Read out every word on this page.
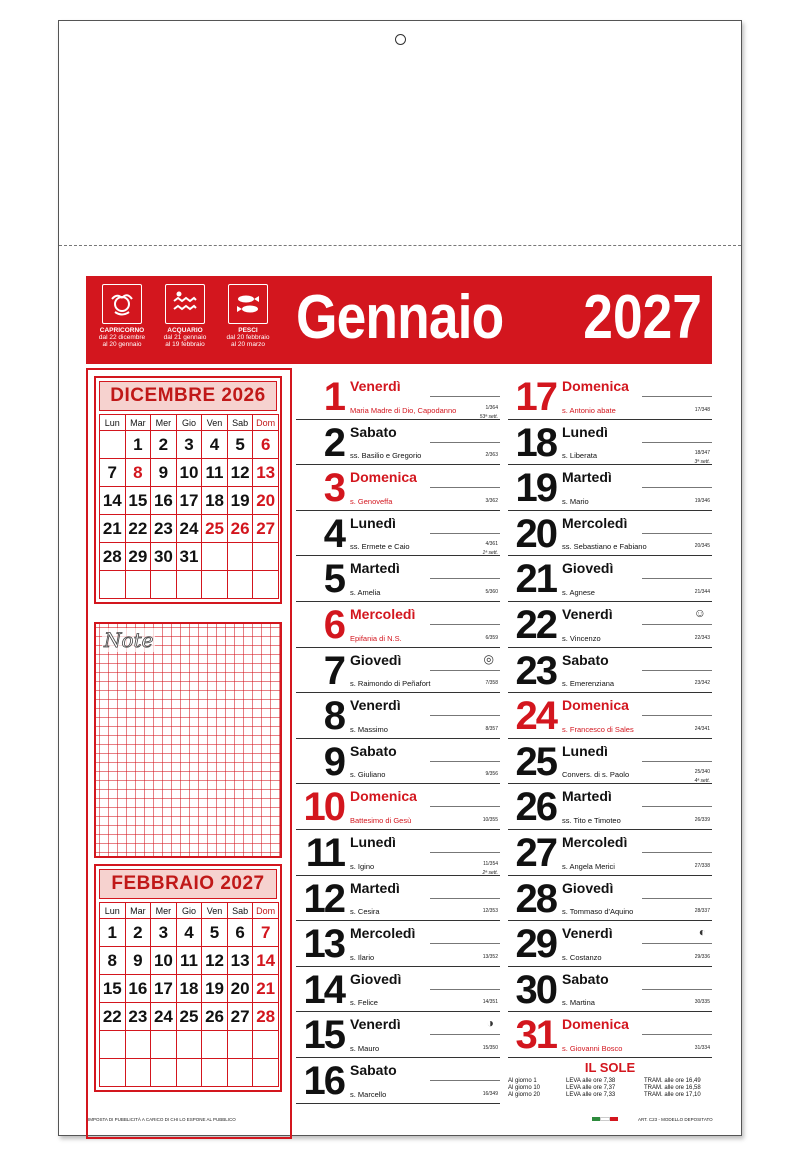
CAPRICORNO
dal 22 dicembre
al 20 gennaio
ACQUARIO
dal 21 gennaio
al 19 febbraio
PESCI
dal 20 febbraio
al 20 marzo Gennaio 2027
DICEMBRE 2026
Lun	Mar	Mer	Gio	Ven	Sab	Dom
	1	2	3	4	5	6
7	8	9	10	11	12	13
14	15	16	17	18	19	20
21	22	23	24	25	26	27
28	29	30	31			

Note
FEBBRAIO 2027
Lun	Mar	Mer	Gio	Ven	Sab	Dom
1	2	3	4	5	6	7
8	9	10	11	12	13	14
15	16	17	18	19	20	21
22	23	24	25	26	27	28

1 Venerdì
Maria Madre di Dio, Capodanno	1/364
53ª sett.
2 Sabato
ss. Basilio e Gregorio	2/363
3 Domenica
s. Genoveffa	3/362
4 Lunedì
ss. Ermete e Caio	4/361
1ª sett.
5 Martedì
s. Amelia	5/360
6 Mercoledì
Epifania di N.S.	6/359
7 Giovedì
s. Raimondo di Peñafort	7/358
◎
8 Venerdì
s. Massimo	8/357
9 Sabato
s. Giuliano	9/356
10 Domenica
Battesimo di Gesù	10/355
11 Lunedì
s. Igino	11/354
2ª sett.
12 Martedì
s. Cesira	12/353
13 Mercoledì
s. Ilario	13/352
14 Giovedì
s. Felice	14/351
15 Venerdì
s. Mauro	15/350
◑
16 Sabato
s. Marcello	16/349
17 Domenica
s. Antonio abate	17/348
18 Lunedì
s. Liberata	18/347
3ª sett.
19 Martedì
s. Mario	19/346
20 Mercoledì
ss. Sebastiano e Fabiano	20/345
21 Giovedì
s. Agnese	21/344
22 Venerdì
s. Vincenzo	22/343
☺
23 Sabato
s. Emerenziana	23/342
24 Domenica
s. Francesco di Sales	24/341
25 Lunedì
Convers. di s. Paolo	25/340
4ª sett.
26 Martedì
ss. Tito e Timoteo	26/339
27 Mercoledì
s. Angela Merici	27/338
28 Giovedì
s. Tommaso d'Aquino	28/337
29 Venerdì
s. Costanzo	29/336
◐
30 Sabato
s. Martina	30/335
31 Domenica
s. Giovanni Bosco	31/334
IL SOLE
Al giorno 1	LEVA alle ore 7,38	TRAM. alle ore 16,49
Al giorno 10	LEVA alle ore 7,37	TRAM. alle ore 16,58
Al giorno 20	LEVA alle ore 7,33	TRAM. alle ore 17,10
IMPOSTA DI PUBBLICITÀ A CARICO DI CHI LO ESPONE AL PUBBLICO	ART. C23 - MODELLO DEPOSITATO
